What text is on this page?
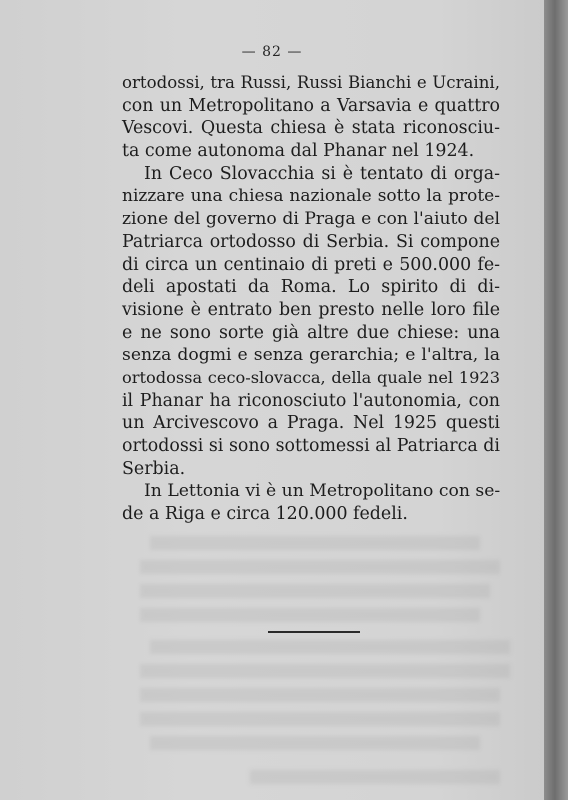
— 82 —

ortodossi, tra Russi, Russi Bianchi e Ucraini,
con un Metropolitano a Varsavia e quattro
Vescovi. Questa chiesa è stata riconosciu-
ta come autonoma dal Phanar nel 1924.

In Ceco Slovacchia si è tentato di orga-
nizzare una chiesa nazionale sotto la prote-
zione del governo di Praga e con l'aiuto del
Patriarca ortodosso di Serbia. Si compone
di circa un centinaio di preti e 500.000 fe-
deli apostati da Roma. Lo spirito di di-
visione è entrato ben presto nelle loro file
e ne sono sorte già altre due chiese: una
senza dogmi e senza gerarchia; e l'altra, la
ortodossa ceco-slovacca, della quale nel 1923
il Phanar ha riconosciuto l'autonomia, con
un Arcivescovo a Praga. Nel 1925 questi
ortodossi si sono sottomessi al Patriarca di
Serbia.

In Lettonia vi è un Metropolitano con se-
de a Riga e circa 120.000 fedeli.
